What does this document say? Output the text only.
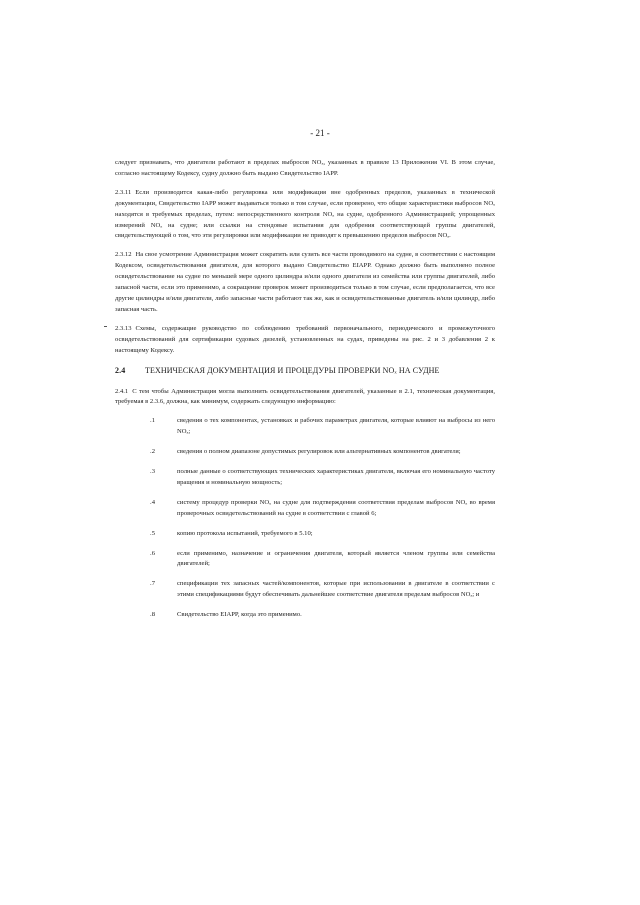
- 21 -

следует признавать, что двигатели работают в пределах выбросов NOₓ, указанных в правиле 13 Приложения VI. В этом случае, согласно настоящему Кодексу, судну должно быть выдано Свидетельство IAPP.

2.3.11 Если производится какая-либо регулировка или модификация вне одобренных пределов, указанных в технической документации, Свидетельство IAPP может выдаваться только в том случае, если проверено, что общие характеристики выбросов NOₓ находятся в требуемых пределах, путем: непосредственного контроля NOₓ на судне, одобренного Администрацией; упрощенных измерений NOₓ на судне; или ссылки на стендовые испытания для одобрения соответствующей группы двигателей, свидетельствующей о том, что эти регулировки или модификации не приводят к превышению пределов выбросов NOₓ.

2.3.12 На свое усмотрение Администрация может сократить или сузить все части проводимого на судне, в соответствии с настоящим Кодексом, освидетельствования двигателя, для которого выдано Свидетельство EIAPP. Однако должно быть выполнено полное освидетельствование на судне по меньшей мере одного цилиндра и/или одного двигателя из семейства или группы двигателей, либо запасной части, если это применимо, а сокращение проверок может производиться только в том случае, если предполагается, что все другие цилиндры и/или двигатели, либо запасные части работают так же, как и освидетельствованные двигатель и/или цилиндр, либо запасная часть.

2.3.13 Схемы, содержащие руководство по соблюдению требований первоначального, периодического и промежуточного освидетельствований для сертификации судовых дизелей, установленных на судах, приведены на рис. 2 и 3 добавления 2 к настоящему Кодексу.

2.4	ТЕХНИЧЕСКАЯ ДОКУМЕНТАЦИЯ И ПРОЦЕДУРЫ ПРОВЕРКИ NOₓ НА СУДНЕ

2.4.1 С тем чтобы Администрация могла выполнить освидетельствования двигателей, указанные в 2.1, техническая документация, требуемая в 2.3.6, должна, как минимум, содержать следующую информацию:

.1	сведения о тех компонентах, установках и рабочих параметрах двигателя, которые влияют на выбросы из него NOₓ;
.2	сведения о полном диапазоне допустимых регулировок или альтернативных компонентов двигателя;
.3	полные данные о соответствующих технических характеристиках двигателя, включая его номинальную частоту вращения и номинальную мощность;
.4	систему процедур проверки NOₓ на судне для подтверждения соответствия пределам выбросов NOₓ во время проверочных освидетельствований на судне в соответствии с главой 6;
.5	копию протокола испытаний, требуемого в 5.10;
.6	если применимо, назначение и ограничения двигателя, который является членом группы или семейства двигателей;
.7	спецификации тех запасных частей/компонентов, которые при использовании в двигателе в соответствии с этими спецификациями будут обеспечивать дальнейшее соответствие двигателя пределам выбросов NOₓ; и
.8	Свидетельство EIAPP, когда это применимо.
